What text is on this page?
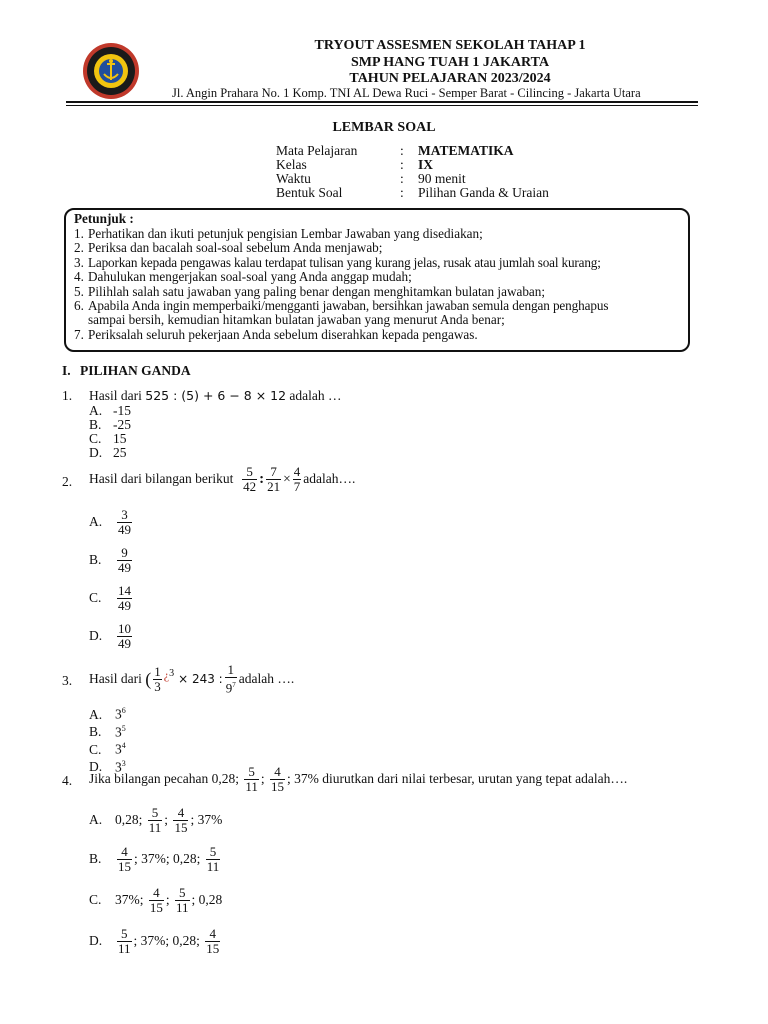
TRYOUT ASSESMEN SEKOLAH TAHAP 1
SMP HANG TUAH 1 JAKARTA
TAHUN PELAJARAN 2023/2024
Jl. Angin Prahara No. 1 Komp. TNI AL Dewa Ruci - Semper Barat - Cilincing - Jakarta Utara
LEMBAR SOAL
Mata Pelajaran	: MATEMATIKA
Kelas	: IX
Waktu	: 90 menit
Bentuk Soal	: Pilihan Ganda & Uraian
Petunjuk :
1. Perhatikan dan ikuti petunjuk pengisian Lembar Jawaban yang disediakan;
2. Periksa dan bacalah soal-soal sebelum Anda menjawab;
3. Laporkan kepada pengawas kalau terdapat tulisan yang kurang jelas, rusak atau jumlah soal kurang;
4. Dahulukan mengerjakan soal-soal yang Anda anggap mudah;
5. Pilihlah salah satu jawaban yang paling benar dengan menghitamkan bulatan jawaban;
6. Apabila Anda ingin memperbaiki/mengganti jawaban, bersihkan jawaban semula dengan penghapus
sampai bersih, kemudian hitamkan bulatan jawaban yang menurut Anda benar;
7. Periksalah seluruh pekerjaan Anda sebelum diserahkan kepada pengawas.
I. PILIHAN GANDA
1. Hasil dari 525 : (5) + 6 − 8 × 12 adalah …
A. -15
B. -25
C. 15
D. 25
2. Hasil dari bilangan berikut
$\frac{5}{42}$ : $\frac{7}{21} \times \frac{4}{7}$ adalah….
A.	$\frac{3}{49}$
B.	$\frac{9}{49}$
C.	$\frac{14}{49}$
D.	$\frac{10}{49}$
3. Hasil dari
( $\frac{1}{3}$ ¿ 3 × 243 : $\frac{1}{9^7}$ adalah ….
A. $3^6$
B. $3^5$
C. $3^4$
D. $3^3$
4. Jika bilangan pecahan 0,28;
$\frac{5}{11}$ ;
$\frac{4}{15}$ ;
37% diurutkan dari nilai terbesar, urutan yang tepat adalah….
A. 0,28;
$\frac{5}{11}$ ;
$\frac{4}{15}$ ; 37%
B.	$\frac{4}{15}$ ; 37%; 0,28;
$\frac{5}{11}$
C.	37%;
$\frac{4}{15}$ ;
$\frac{5}{11}$ ; 0,28
D.	$\frac{5}{11}$ ; 37%; 0,28;
$\frac{4}{15}$
